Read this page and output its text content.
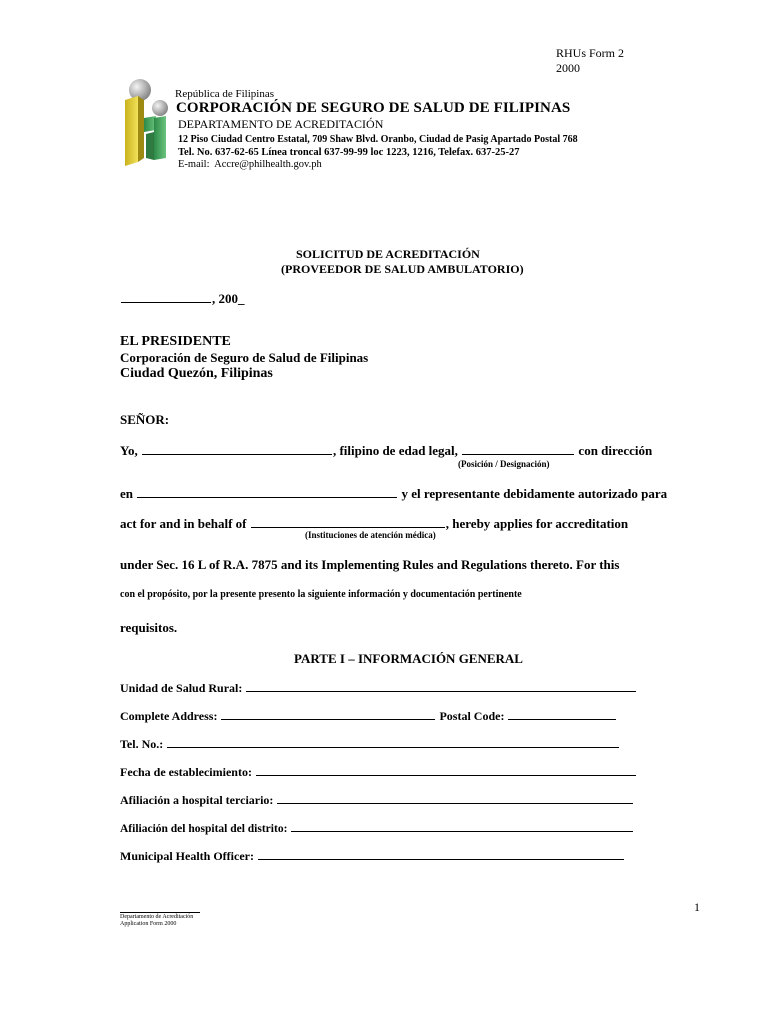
RHUs Form 2
2000
República de Filipinas
CORPORACIÓN DE SEGURO DE SALUD DE FILIPINAS
DEPARTAMENTO DE ACREDITACIÓN
12 Piso Ciudad Centro Estatal, 709 Shaw Blvd. Oranbo, Ciudad de Pasig Apartado Postal 768
Tel. No. 637-62-65 Línea troncal 637-99-99 loc 1223, 1216, Telefax. 637-25-27
E-mail: Accre@philhealth.gov.ph
SOLICITUD DE ACREDITACIÓN
(PROVEEDOR DE SALUD AMBULATORIO)
, 200_
EL PRESIDENTE
Corporación de Seguro de Salud de Filipinas
Ciudad Quezón, Filipinas
SEÑOR:
Yo,	, filipino de edad legal,	con dirección
(Posición / Designación)
en	y el representante debidamente autorizado para
act for and in behalf of	, hereby applies for accreditation
(Instituciones de atención médica)
under Sec. 16 L of R.A. 7875 and its Implementing Rules and Regulations thereto. For this
con el propósito, por la presente presento la siguiente información y documentación pertinente
requisitos.
PARTE I – INFORMACIÓN GENERAL
Unidad de Salud Rural:
Complete Address:	Postal Code:
Tel. No.:
Fecha de establecimiento:
Afiliación a hospital terciario:
Afiliación del hospital del distrito:
Municipal Health Officer:
1
Departamento de Acreditación
Application Form 2000
